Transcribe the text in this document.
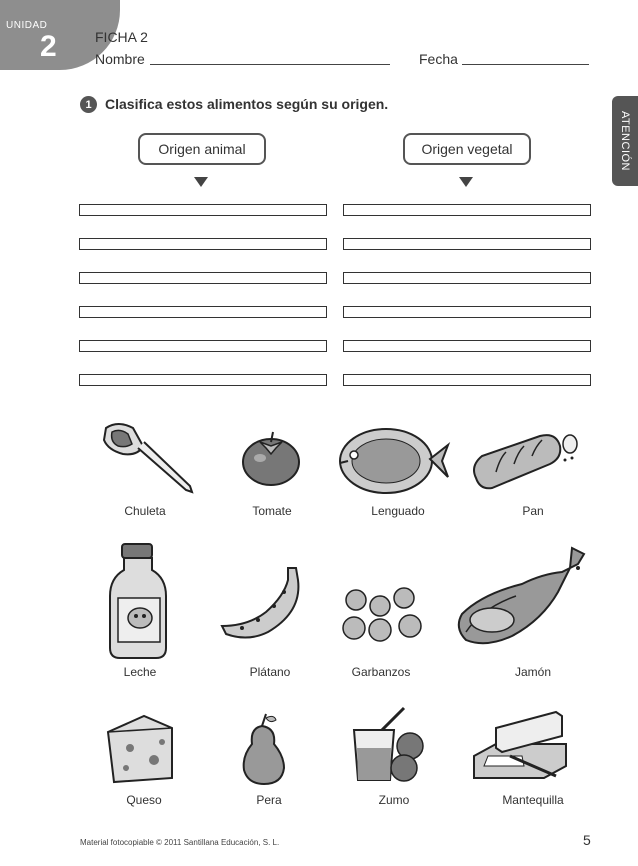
UNIDAD
2	FICHA 2
Nombre	Fecha
ATENCIÓN
1 Clasifica estos alimentos según su origen.
Origen animal	Origen vegetal
Chuleta	Tomate	Lenguado	Pan
Leche	Plátano	Garbanzos	Jamón
Queso	Pera	Zumo	Mantequilla
Material fotocopiable © 2011 Santillana Educación, S. L.	5
